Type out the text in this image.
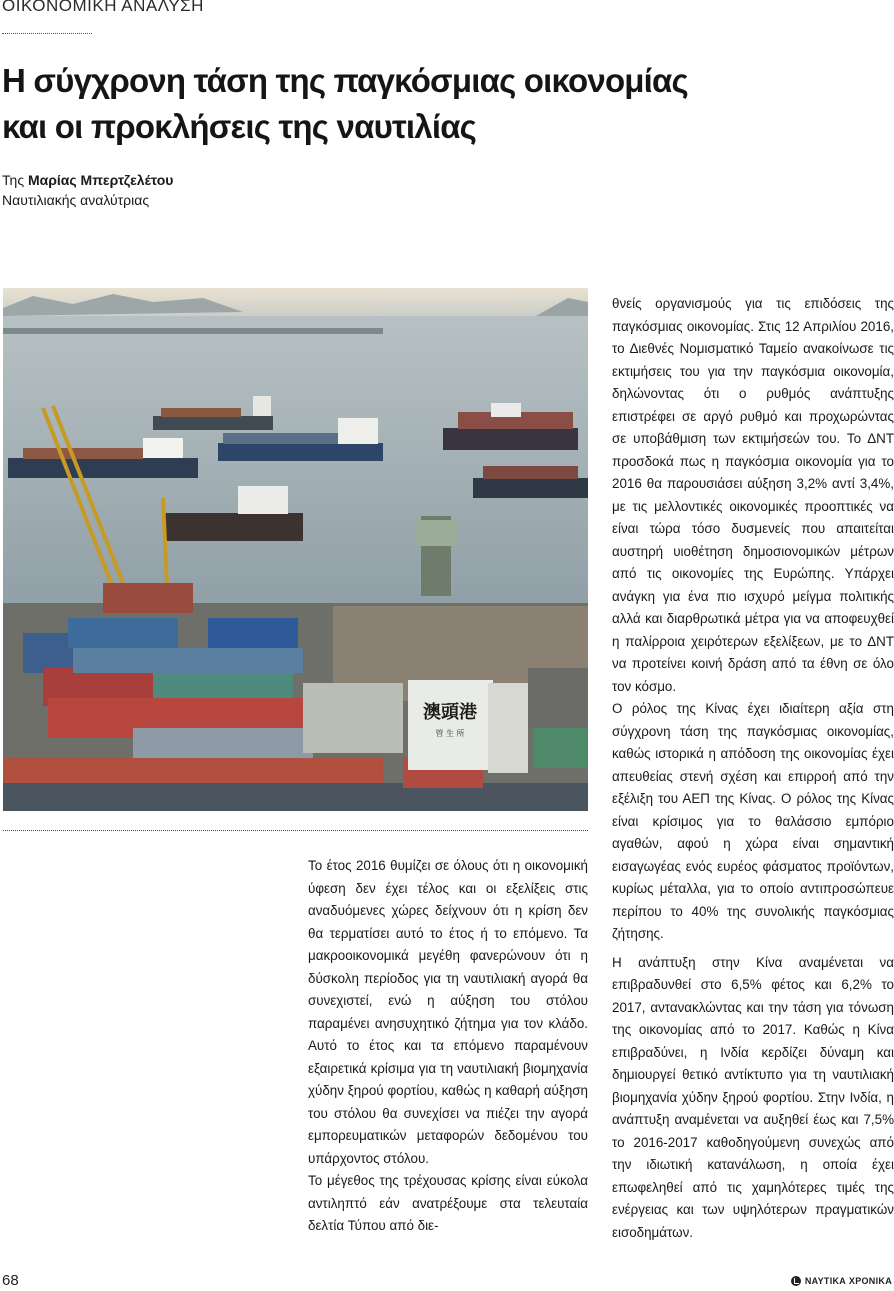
ΟΙΚΟΝΟΜΙΚΗ ΑΝΑΛΥΣΗ
Η σύγχρονη τάση της παγκόσμιας οικονομίας
και οι προκλήσεις της ναυτιλίας
Της Μαρίας Μπερτζελέτου
Ναυτιλιακής αναλύτριας
澳頭港
管 生 所

Το έτος 2016 θυμίζει σε όλους ότι η οικονομική ύφεση δεν έχει τέλος και οι εξελίξεις στις αναδυόμενες χώρες δείχνουν ότι η κρίση δεν θα τερματίσει αυτό το έτος ή το επόμενο. Τα μακροοικονομικά μεγέθη φανερώνουν ότι η δύσκολη περίοδος για τη ναυτιλιακή αγορά θα συνεχιστεί, ενώ η αύξηση του στόλου παραμένει ανησυχητικό ζήτημα για τον κλάδο. Αυτό το έτος και τα επόμενο παραμένουν εξαιρετικά κρίσιμα για τη ναυτιλιακή βιομηχανία χύδην ξηρού φορτίου, καθώς η καθαρή αύξηση του στόλου θα συνεχίσει να πιέζει την αγορά εμπορευματικών μεταφορών δεδομένου του υπάρχοντος στόλου.

Το μέγεθος της τρέχουσας κρίσης είναι εύκολα αντιληπτό εάν ανατρέξουμε στα τελευταία δελτία Τύπου από διε-

θνείς οργανισμούς για τις επιδόσεις της παγκόσμιας οικονομίας. Στις 12 Απριλίου 2016, το Διεθνές Νομισματικό Ταμείο ανακοίνωσε τις εκτιμήσεις του για την παγκόσμια οικονομία, δηλώνοντας ότι ο ρυθμός ανάπτυξης επιστρέφει σε αργό ρυθμό και προχωρώντας σε υποβάθμιση των εκτιμήσεών του. Το ΔΝΤ προσδοκά πως η παγκόσμια οικονομία για το 2016 θα παρουσιάσει αύξηση 3,2% αντί 3,4%, με τις μελλοντικές οικονομικές προοπτικές να είναι τώρα τόσο δυσμενείς που απαιτείται αυστηρή υιοθέτηση δημοσιονομικών μέτρων από τις οικονομίες της Ευρώπης. Υπάρχει ανάγκη για ένα πιο ισχυρό μείγμα πολιτικής αλλά και διαρθρωτικά μέτρα για να αποφευχθεί η παλίρροια χειρότερων εξελίξεων, με το ΔΝΤ να προτείνει κοινή δράση από τα έθνη σε όλο τον κόσμο.

Ο ρόλος της Κίνας έχει ιδιαίτερη αξία στη σύγχρονη τάση της παγκόσμιας οικονομίας, καθώς ιστορικά η απόδοση της οικονομίας έχει απευθείας στενή σχέση και επιρροή από την εξέλιξη του ΑΕΠ της Κίνας. Ο ρόλος της Κίνας είναι κρίσιμος για το θαλάσσιο εμπόριο αγαθών, αφού η χώρα είναι σημαντική εισαγωγέας ενός ευρέος φάσματος προϊόντων, κυρίως μέταλλα, για το οποίο αντιπροσώπευε περίπου το 40% της συνολικής παγκόσμιας ζήτησης.

Η ανάπτυξη στην Κίνα αναμένεται να επιβραδυνθεί στο 6,5% φέτος και 6,2% το 2017, αντανακλώντας και την τάση για τόνωση της οικονομίας από το 2017. Καθώς η Κίνα επιβραδύνει, η Ινδία κερδίζει δύναμη και δημιουργεί θετικό αντίκτυπο για τη ναυτιλιακή βιομηχανία χύδην ξηρού φορτίου. Στην Ινδία, η ανάπτυξη αναμένεται να αυξηθεί έως και 7,5% το 2016-2017 καθοδηγούμενη συνεχώς από την ιδιωτική κατανάλωση, η οποία έχει επωφεληθεί από τις χαμηλότερες τιμές της ενέργειας και των υψηλότερων πραγματικών εισοδημάτων.

68	ΝΑΥΤΙΚΑ ΧΡΟΝΙΚΑ
